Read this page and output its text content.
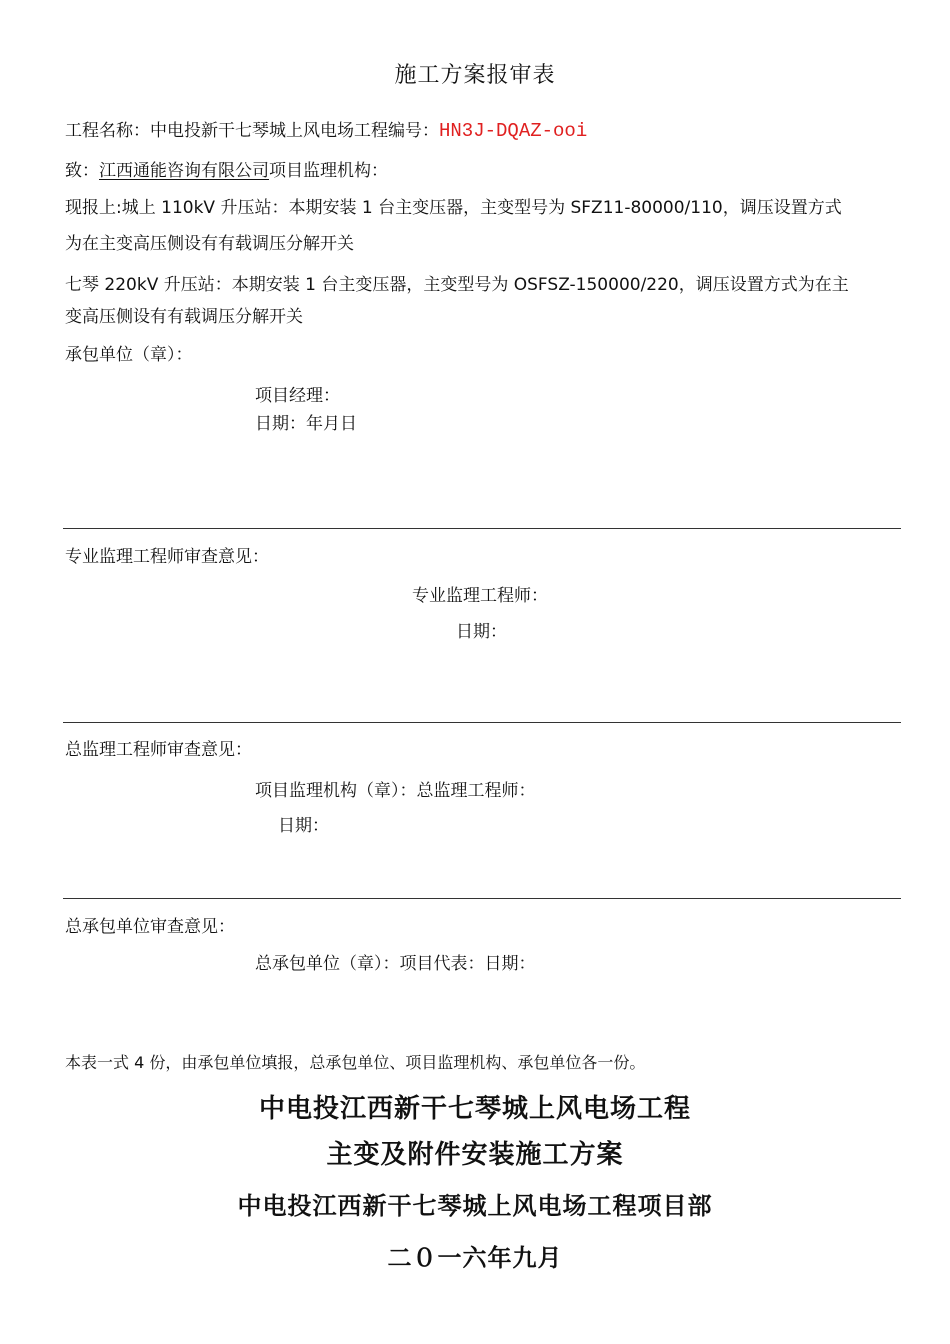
施工方案报审表
工程名称：中电投新干七琴城上风电场工程编号：HN3J-DQAZ-ooi
致：江西通能咨询有限公司项目监理机构：
现报上:城上 110kV 升压站：本期安装 1 台主变压器，主变型号为 SFZ11-80000/110，调压设置方式
为在主变高压侧设有有载调压分解开关
七琴 220kV 升压站：本期安装 1 台主变压器，主变型号为 OSFSZ-150000/220，调压设置方式为在主
变高压侧设有有载调压分解开关
承包单位（章）：
项目经理：
日期：年月日
专业监理工程师审查意见：
专业监理工程师：
日期：
总监理工程师审查意见：
项目监理机构（章）：总监理工程师：
日期：
总承包单位审查意见：
总承包单位（章）：项目代表：日期：
本表一式 4 份，由承包单位填报，总承包单位、项目监理机构、承包单位各一份。
中电投江西新干七琴城上风电场工程
主变及附件安装施工方案
中电投江西新干七琴城上风电场工程项目部
二０一六年九月
